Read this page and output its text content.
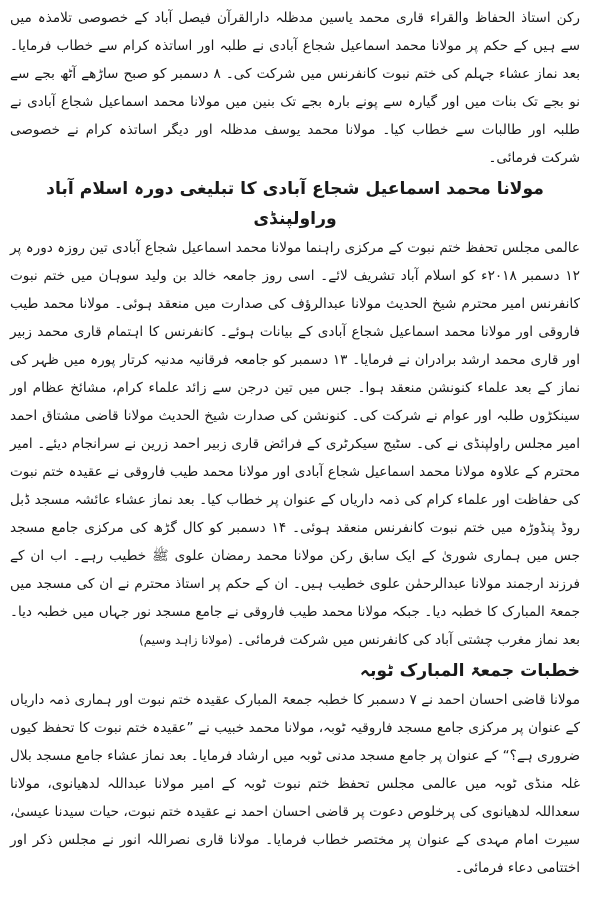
رکن استاذ الحفاظ والقراء قاری محمد یاسین مدظلہ دارالقرآن فیصل آباد کے خصوصی تلامذہ میں سے ہیں کے حکم پر مولانا محمد اسماعیل شجاع آبادی نے طلبہ اور اساتذہ کرام سے خطاب فرمایا۔ بعد نماز عشاء جہلم کی ختم نبوت کانفرنس میں شرکت کی۔ ۸ دسمبر کو صبح ساڑھے آٹھ بجے سے نو بجے تک بنات میں اور گیارہ سے پونے بارہ بجے تک بنین میں مولانا محمد اسماعیل شجاع آبادی نے طلبہ اور طالبات سے خطاب کیا۔ مولانا محمد یوسف مدظلہ اور دیگر اساتذہ کرام نے خصوصی شرکت فرمائی۔

مولانا محمد اسماعیل شجاع آبادی کا تبلیغی دورہ اسلام آباد وراولپنڈی

عالمی مجلس تحفظ ختم نبوت کے مرکزی راہنما مولانا محمد اسماعیل شجاع آبادی تین روزہ دورہ پر ۱۲ دسمبر ۲۰۱۸ء کو اسلام آباد تشریف لائے۔ اسی روز جامعہ خالد بن ولید سوہان میں ختم نبوت کانفرنس امیر محترم شیخ الحدیث مولانا عبدالرؤف کی صدارت میں منعقد ہوئی۔ مولانا محمد طیب فاروقی اور مولانا محمد اسماعیل شجاع آبادی کے بیانات ہوئے۔ کانفرنس کا اہتمام قاری محمد زبیر اور قاری محمد ارشد برادران نے فرمایا۔ ۱۳ دسمبر کو جامعہ فرقانیہ مدنیہ کرتار پورہ میں ظہر کی نماز کے بعد علماء کنونشن منعقد ہوا۔ جس میں تین درجن سے زائد علماء کرام، مشائخ عظام اور سینکڑوں طلبہ اور عوام نے شرکت کی۔ کنونشن کی صدارت شیخ الحدیث مولانا قاضی مشتاق احمد امیر مجلس راولپنڈی نے کی۔ سٹیج سیکرٹری کے فرائض قاری زبیر احمد زرین نے سرانجام دیئے۔ امیر محترم کے علاوہ مولانا محمد اسماعیل شجاع آبادی اور مولانا محمد طیب فاروقی نے عقیدہ ختم نبوت کی حفاظت اور علماء کرام کی ذمہ داریاں کے عنوان پر خطاب کیا۔ بعد نماز عشاء عائشہ مسجد ڈبل روڈ پنڈوڑہ میں ختم نبوت کانفرنس منعقد ہوئی۔ ۱۴ دسمبر کو کال گڑھ کی مرکزی جامع مسجد جس میں ہماری شوریٰ کے ایک سابق رکن مولانا محمد رمضان علوی ﷺ خطیب رہے۔ اب ان کے فرزند ارجمند مولانا عبدالرحمٰن علوی خطیب ہیں۔ ان کے حکم پر استاذ محترم نے ان کی مسجد میں جمعۃ المبارک کا خطبہ دیا۔ جبکہ مولانا محمد طیب فاروقی نے جامع مسجد نور جہاں میں خطبہ دیا۔ بعد نماز مغرب چشتی آباد کی کانفرنس میں شرکت فرمائی۔ (مولانا زاہد وسیم)

خطبات جمعۃ المبارک ٹوبہ

مولانا قاضی احسان احمد نے ۷ دسمبر کا خطبہ جمعۃ المبارک عقیدہ ختم نبوت اور ہماری ذمہ داریاں کے عنوان پر مرکزی جامع مسجد فاروقیہ ٹوبہ، مولانا محمد خبیب نے ”عقیدہ ختم نبوت کا تحفظ کیوں ضروری ہے؟“ کے عنوان پر جامع مسجد مدنی ٹوبہ میں ارشاد فرمایا۔ بعد نماز عشاء جامع مسجد بلال غلہ منڈی ٹوبہ میں عالمی مجلس تحفظ ختم نبوت ٹوبہ کے امیر مولانا عبداللہ لدھیانوی، مولانا سعداللہ لدھیانوی کی پرخلوص دعوت پر قاضی احسان احمد نے عقیدہ ختم نبوت، حیات سیدنا عیسیٰ، سیرت امام مہدی کے عنوان پر مختصر خطاب فرمایا۔ مولانا قاری نصراللہ انور نے مجلس ذکر اور اختتامی دعاء فرمائی۔
